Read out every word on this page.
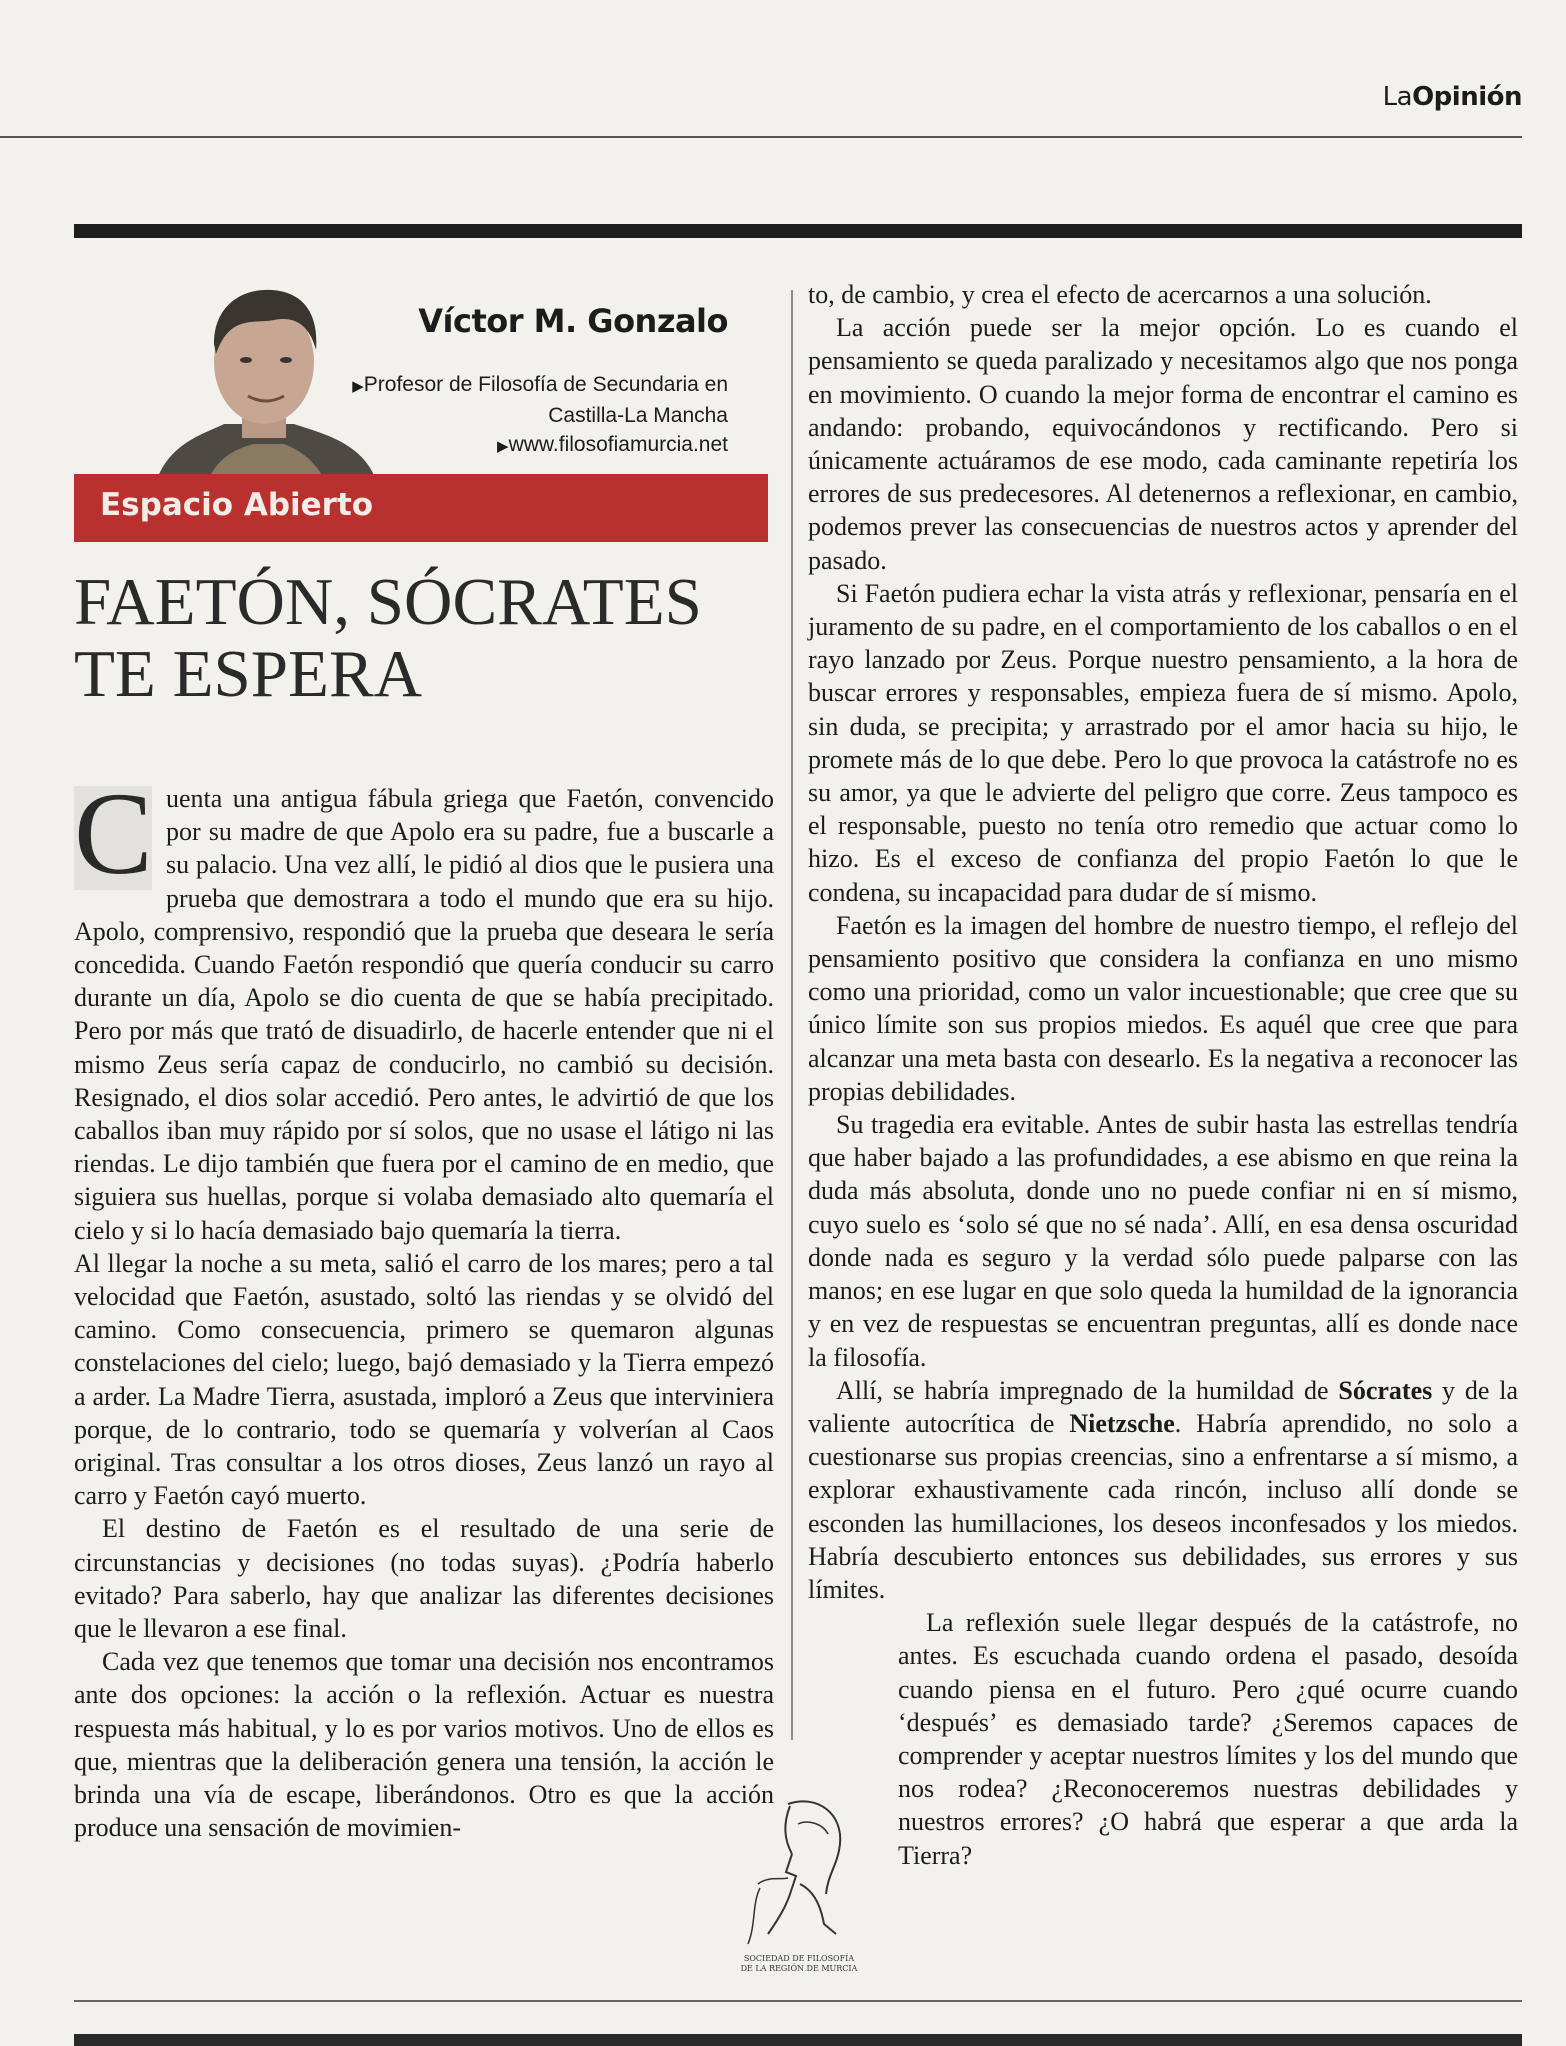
LaOpinión
Víctor M. Gonzalo
▶Profesor de Filosofía de Secundaria en
Castilla-La Mancha
▶www.filosofiamurcia.net
Espacio Abierto
FAETÓN, SÓCRATES
TE ESPERA

C uenta una antigua fábula griega que Faetón, convencido por su madre de que Apolo era su padre, fue a buscarle a su palacio. Una vez allí, le pidió al dios que le pusiera una prueba que demostrara a todo el mundo que era su hijo. Apolo, comprensivo, respondió que la prueba que deseara le sería concedida. Cuando Faetón respondió que quería conducir su carro durante un día, Apolo se dio cuenta de que se había precipitado. Pero por más que trató de disuadirlo, de hacerle entender que ni el mismo Zeus sería capaz de conducirlo, no cambió su decisión. Resignado, el dios solar accedió. Pero antes, le advirtió de que los caballos iban muy rápido por sí solos, que no usase el látigo ni las riendas. Le dijo también que fuera por el camino de en medio, que siguiera sus huellas, porque si volaba demasiado alto quemaría el cielo y si lo hacía demasiado bajo quemaría la tierra.

Al llegar la noche a su meta, salió el carro de los mares; pero a tal velocidad que Faetón, asustado, soltó las riendas y se olvidó del camino. Como consecuencia, primero se quemaron algunas constelaciones del cielo; luego, bajó demasiado y la Tierra empezó a arder. La Madre Tierra, asustada, imploró a Zeus que interviniera porque, de lo contrario, todo se quemaría y volverían al Caos original. Tras consultar a los otros dioses, Zeus lanzó un rayo al carro y Faetón cayó muerto.

El destino de Faetón es el resultado de una serie de circunstancias y decisiones (no todas suyas). ¿Podría haberlo evitado? Para saberlo, hay que analizar las diferentes decisiones que le llevaron a ese final.

Cada vez que tenemos que tomar una decisión nos encontramos ante dos opciones: la acción o la reflexión. Actuar es nuestra respuesta más habitual, y lo es por varios motivos. Uno de ellos es que, mientras que la deliberación genera una tensión, la acción le brinda una vía de escape, liberándonos. Otro es que la acción produce una sensación de movimien-

to, de cambio, y crea el efecto de acercarnos a una solución.

La acción puede ser la mejor opción. Lo es cuando el pensamiento se queda paralizado y necesitamos algo que nos ponga en movimiento. O cuando la mejor forma de encontrar el camino es andando: probando, equivocándonos y rectificando. Pero si únicamente actuáramos de ese modo, cada caminante repetiría los errores de sus predecesores. Al detenernos a reflexionar, en cambio, podemos prever las consecuencias de nuestros actos y aprender del pasado.

Si Faetón pudiera echar la vista atrás y reflexionar, pensaría en el juramento de su padre, en el comportamiento de los caballos o en el rayo lanzado por Zeus. Porque nuestro pensamiento, a la hora de buscar errores y responsables, empieza fuera de sí mismo. Apolo, sin duda, se precipita; y arrastrado por el amor hacia su hijo, le promete más de lo que debe. Pero lo que provoca la catástrofe no es su amor, ya que le advierte del peligro que corre. Zeus tampoco es el responsable, puesto no tenía otro remedio que actuar como lo hizo. Es el exceso de confianza del propio Faetón lo que le condena, su incapacidad para dudar de sí mismo.

Faetón es la imagen del hombre de nuestro tiempo, el reflejo del pensamiento positivo que considera la confianza en uno mismo como una prioridad, como un valor incuestionable; que cree que su único límite son sus propios miedos. Es aquél que cree que para alcanzar una meta basta con desearlo. Es la negativa a reconocer las propias debilidades.

Su tragedia era evitable. Antes de subir hasta las estrellas tendría que haber bajado a las profundidades, a ese abismo en que reina la duda más absoluta, donde uno no puede confiar ni en sí mismo, cuyo suelo es ‘solo sé que no sé nada’. Allí, en esa densa oscuridad donde nada es seguro y la verdad sólo puede palparse con las manos; en ese lugar en que solo queda la humildad de la ignorancia y en vez de respuestas se encuentran preguntas, allí es donde nace la filosofía.

Allí, se habría impregnado de la humildad de Sócrates y de la valiente autocrítica de Nietzsche. Habría aprendido, no solo a cuestionarse sus propias creencias, sino a enfrentarse a sí mismo, a explorar exhaustivamente cada rincón, incluso allí donde se esconden las humillaciones, los deseos inconfesados y los miedos. Habría descubierto entonces sus debilidades, sus errores y sus límites.

La reflexión suele llegar después de la catástrofe, no antes. Es escuchada cuando ordena el pasado, desoída cuando piensa en el futuro. Pero ¿qué ocurre cuando ‘después’ es demasiado tarde? ¿Seremos capaces de comprender y aceptar nuestros límites y los del mundo que nos rodea? ¿Reconoceremos nuestras debilidades y nuestros errores? ¿O habrá que esperar a que arda la Tierra?

SOCIEDAD DE FILOSOFÍA
DE LA REGIÓN DE MURCIA
